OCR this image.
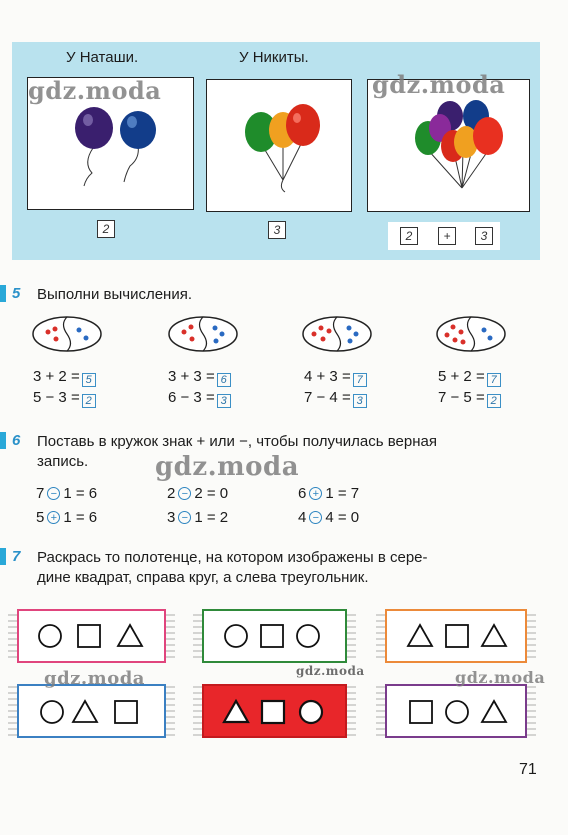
У Наташи.	У Никиты.
2	3	2	+	3
gdz.moda	gdz.moda
5 Выполни вычисления.
3 + 2 = 5
5 − 3 = 2
3 + 3 = 6
6 − 3 = 3
4 + 3 = 7
7 − 4 = 3
5 + 2 = 7
7 − 5 = 2
6 Поставь в кружок знак + или −, чтобы получилась верная
запись.	gdz.moda
7 − 1 = 6	2 − 2 = 0	6 + 1 = 7
5 + 1 = 6	3 − 1 = 2	4 − 4 = 0
7 Раскрась то полотенце, на котором изображены в сере-
дине квадрат, справа круг, а слева треугольник.
gdz.moda	gdz.moda	gdz.moda
71
